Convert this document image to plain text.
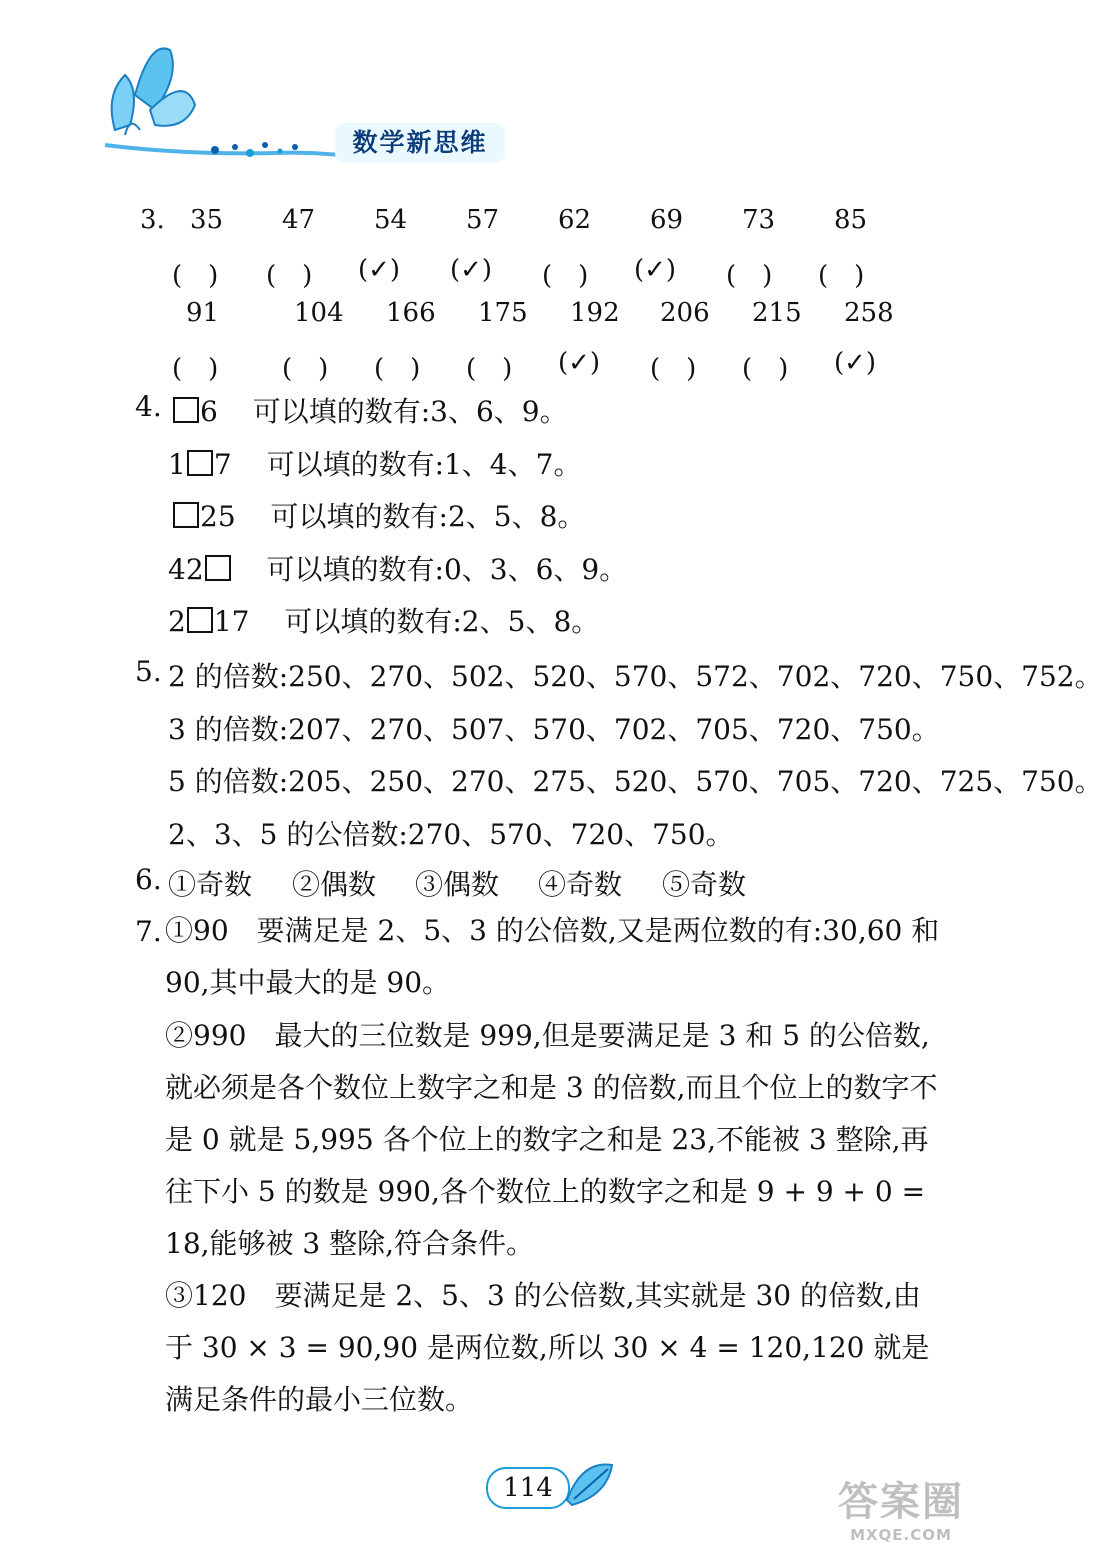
数学新思维
3. 35 47 54 57 62 69 73 85
(　) (　) (✓) (✓) (　) (✓) (　) (　)
91	104 166 175 192 206 215 258
(　) (　) (　) (　) (✓) (　) (　) (✓)
4.	6 可以填的数有:3、6、9。
1 7 可以填的数有:1、4、7。
25 可以填的数有:2、5、8。
42 可以填的数有:0、3、6、9。
2 17 可以填的数有:2、5、8。
5. 2 的倍数:250、270、502、520、570、572、702、720、750、752。
3 的倍数:207、270、507、570、702、705、720、750。
5 的倍数:205、250、270、275、520、570、705、720、725、750。
2、3、5 的公倍数:270、570、720、750。
6. ①奇数 ②偶数 ③偶数 ④奇数 ⑤奇数
7. ①90　要满足是 2、5、3 的公倍数,又是两位数的有:30,60 和 90,其中最大的是 90。
②990　最大的三位数是 999,但是要满足是 3 和 5 的公倍数,就必须是各个数位上数字之和是 3 的倍数,而且个位上的数字不是 0 就是 5,995 各个位上的数字之和是 23,不能被 3 整除,再往下小 5 的数是 990,各个数位上的数字之和是 9 + 9 + 0 = 18,能够被 3 整除,符合条件。
③120　要满足是 2、5、3 的公倍数,其实就是 30 的倍数,由于 30 × 3 = 90,90 是两位数,所以 30 × 4 = 120,120 就是满足条件的最小三位数。
114	答案圈
MXQE.COM
